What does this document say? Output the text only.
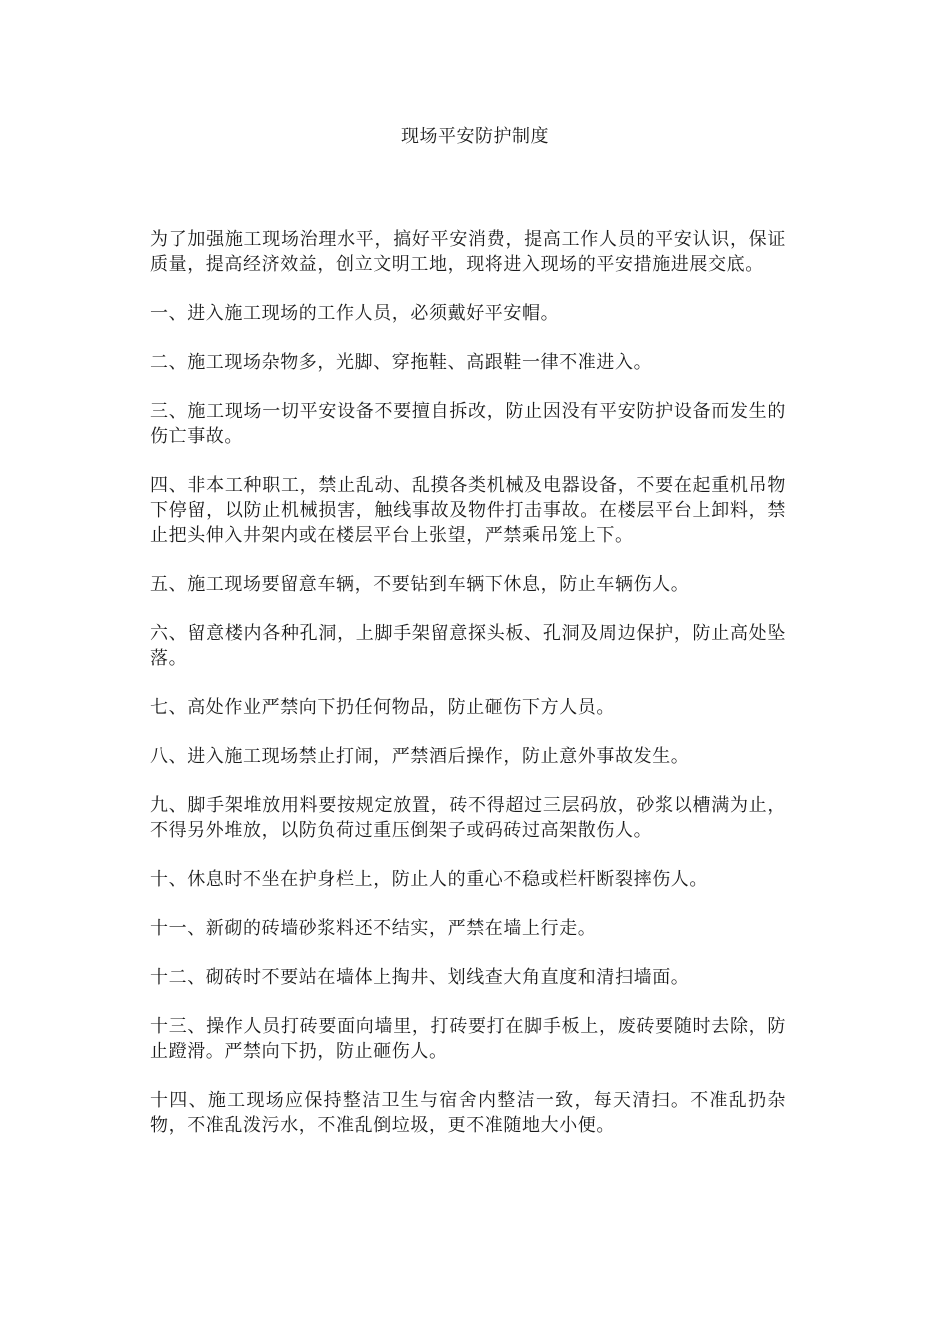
现场平安防护制度

为了加强施工现场治理水平，搞好平安消费，提高工作人员的平安认识，保证质量，提高经济效益，创立文明工地，现将进入现场的平安措施进展交底。

一、进入施工现场的工作人员，必须戴好平安帽。

二、施工现场杂物多，光脚、穿拖鞋、高跟鞋一律不准进入。

三、施工现场一切平安设备不要擅自拆改，防止因没有平安防护设备而发生的伤亡事故。

四、非本工种职工，禁止乱动、乱摸各类机械及电器设备，不要在起重机吊物下停留，以防止机械损害，触线事故及物件打击事故。在楼层平台上卸料，禁止把头伸入井架内或在楼层平台上张望，严禁乘吊笼上下。

五、施工现场要留意车辆，不要钻到车辆下休息，防止车辆伤人。

六、留意楼内各种孔洞，上脚手架留意探头板、孔洞及周边保护，防止高处坠落。

七、高处作业严禁向下扔任何物品，防止砸伤下方人员。

八、进入施工现场禁止打闹，严禁酒后操作，防止意外事故发生。

九、脚手架堆放用料要按规定放置，砖不得超过三层码放，砂浆以槽满为止，不得另外堆放，以防负荷过重压倒架子或码砖过高架散伤人。

十、休息时不坐在护身栏上，防止人的重心不稳或栏杆断裂摔伤人。

十一、新砌的砖墙砂浆料还不结实，严禁在墙上行走。

十二、砌砖时不要站在墙体上掏井、划线查大角直度和清扫墙面。

十三、操作人员打砖要面向墙里，打砖要打在脚手板上，废砖要随时去除，防止蹬滑。严禁向下扔，防止砸伤人。

十四、施工现场应保持整洁卫生与宿舍内整洁一致，每天清扫。不准乱扔杂物，不准乱泼污水，不准乱倒垃圾，更不准随地大小便。
